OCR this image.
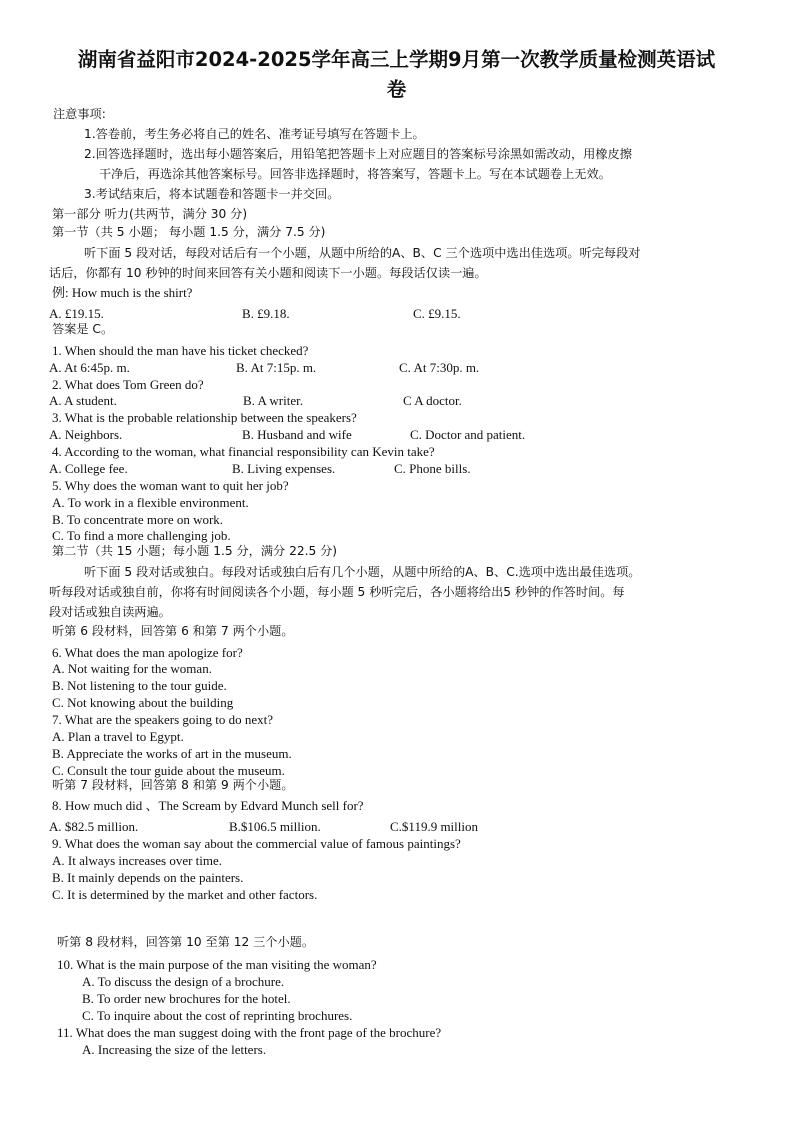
湖南省益阳市2024-2025学年高三上学期9月第一次教学质量检测英语试
卷
注意事项:
1.答卷前，考生务必将自己的姓名、准考证号填写在答题卡上。
2.回答选择题时，选出每小题答案后，用铅笔把答题卡上对应题目的答案标号涂黑如需改动，用橡皮擦
干净后，再选涂其他答案标号。回答非选择题时，将答案写，答题卡上。写在本试题卷上无效。
3.考试结束后，将本试题卷和答题卡一并交回。
第一部分 听力(共两节，满分 30 分)
第一节（共 5 小题； 每小题 1.5 分，满分 7.5 分)
听下面 5 段对话，每段对话后有一个小题，从题中所给的A、B、C 三个选项中选出佳选项。听完每段对
话后，你都有 10 秒钟的时间来回答有关小题和阅读下一小题。每段话仅读一遍。
例: How much is the shirt?
A. £19.15.	B. £9.18.	C. £9.15.
答案是 C。
1. When should the man have his ticket checked?
A. At 6:45p. m.	B. At 7:15p. m.	C. At 7:30p. m.
2. What does Tom Green do?
A. A student.	B. A writer.	C A doctor.
3. What is the probable relationship between the speakers?
A. Neighbors.	B. Husband and wife	C. Doctor and patient.
4. According to the woman, what financial responsibility can Kevin take?
A. College fee.	B. Living expenses.	C. Phone bills.
5. Why does the woman want to quit her job?
A. To work in a flexible environment.
B. To concentrate more on work.
C. To find a more challenging job.
第二节（共 15 小题；每小题 1.5 分，满分 22.5 分)
听下面 5 段对话或独白。每段对话或独白后有几个小题，从题中所给的A、B、C.选项中选出最佳选项。
听每段对话或独自前，你将有时间阅读各个小题，每小题 5 秒听完后，各小题将给出5 秒钟的作答时间。每
段对话或独自读两遍。
听第 6 段材料，回答第 6 和第 7 两个小题。
6. What does the man apologize for?
A. Not waiting for the woman.
B. Not listening to the tour guide.
C. Not knowing about the building
7. What are the speakers going to do next?
A. Plan a travel to Egypt.
B. Appreciate the works of art in the museum.
C. Consult the tour guide about the museum.
听第 7 段材料，回答第 8 和第 9 两个小题。
8. How much did 、The Scream by Edvard Munch sell for?
A. $82.5 million.	B.$106.5 million.	C.$119.9 million
9. What does the woman say about the commercial value of famous paintings?
A. It always increases over time.
B. It mainly depends on the painters.
C. It is determined by the market and other factors.
听第 8 段材料，回答第 10 至第 12 三个小题。
10. What is the main purpose of the man visiting the woman?
A. To discuss the design of a brochure.
B. To order new brochures for the hotel.
C. To inquire about the cost of reprinting brochures.
11. What does the man suggest doing with the front page of the brochure?
A. Increasing the size of the letters.
